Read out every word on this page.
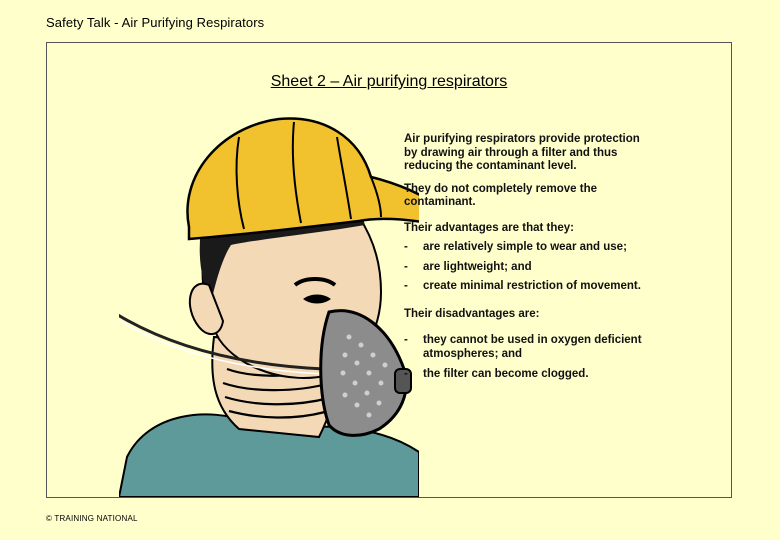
Safety Talk - Air Purifying Respirators
Sheet 2 – Air purifying respirators

Air purifying respirators provide protection by drawing air through a filter and thus reducing the contaminant level.

They do not completely remove the contaminant.

Their advantages are that they:

- are relatively simple to wear and use;
- are lightweight; and
- create minimal restriction of movement.

Their disadvantages are:

- they cannot be used in oxygen deficient atmospheres; and
- the filter can become clogged.
© TRAINING NATIONAL
